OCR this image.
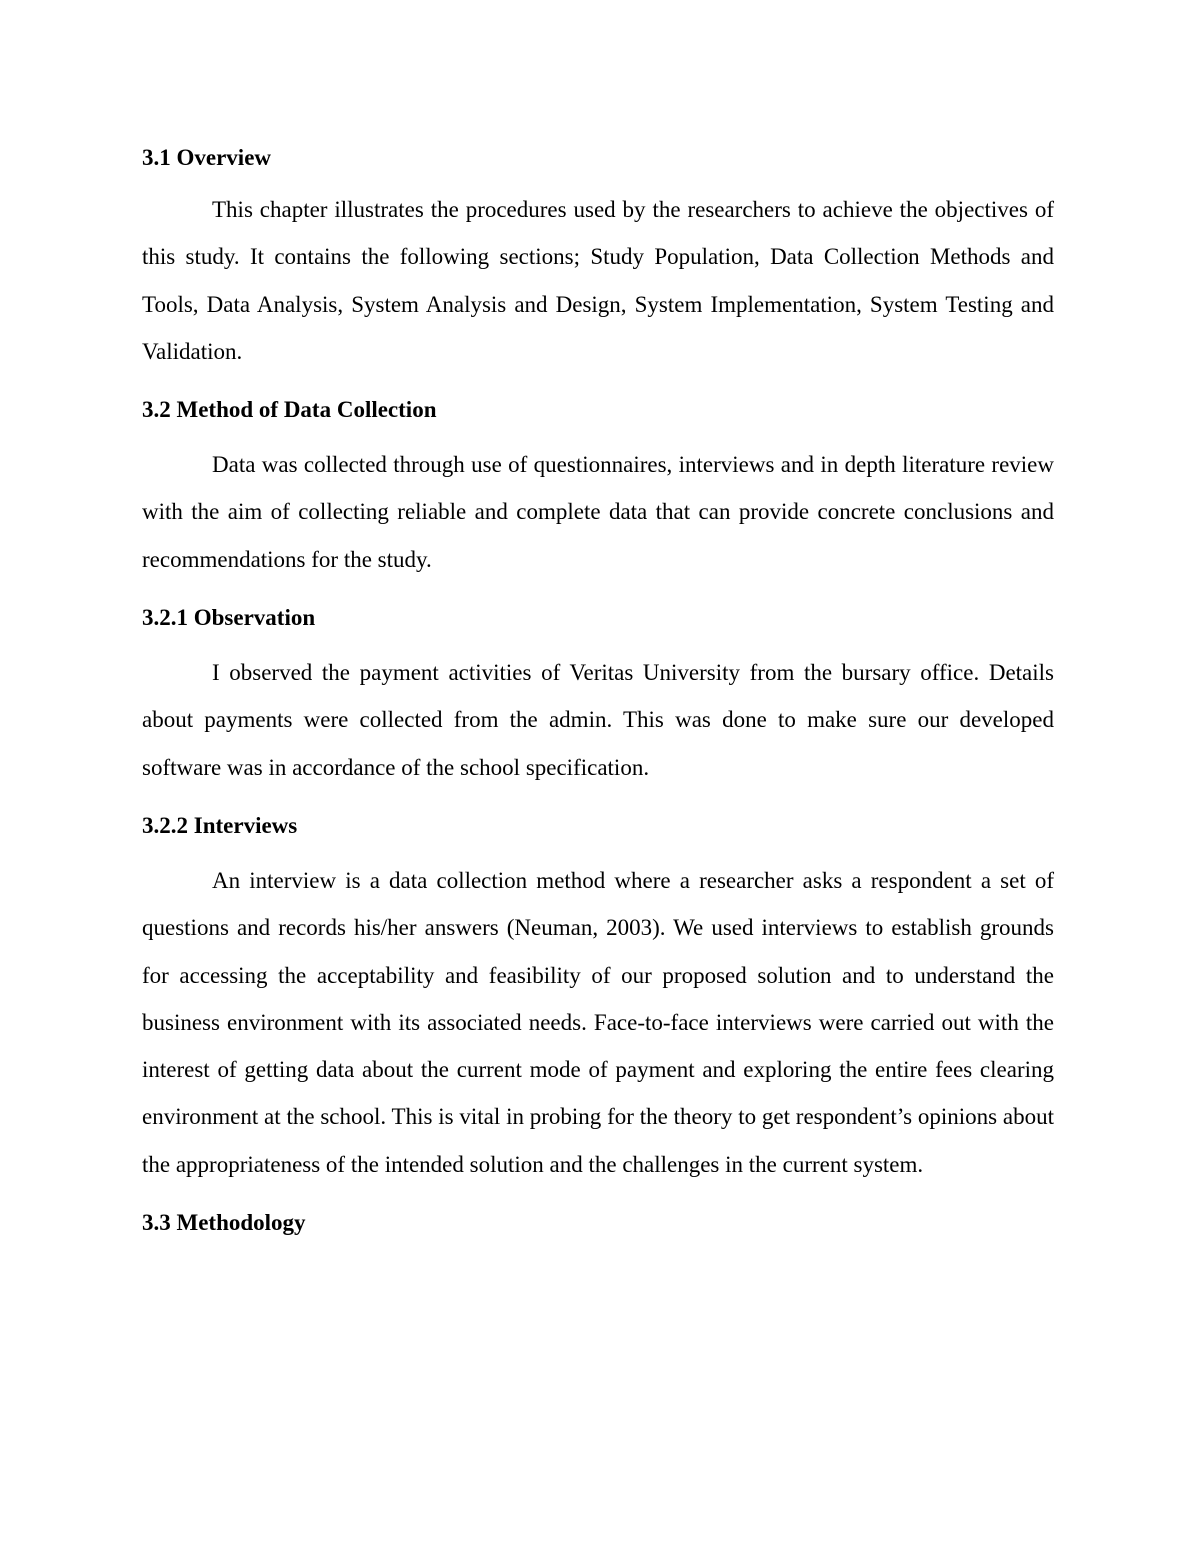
3.1 Overview

This chapter illustrates the procedures used by the researchers to achieve the objectives of this study. It contains the following sections; Study Population, Data Collection Methods and Tools, Data Analysis, System Analysis and Design, System Implementation, System Testing and Validation.

3.2 Method of Data Collection

Data was collected through use of questionnaires, interviews and in depth literature review with the aim of collecting reliable and complete data that can provide concrete conclusions and recommendations for the study.

3.2.1 Observation

I observed the payment activities of Veritas University from the bursary office. Details about payments were collected from the admin. This was done to make sure our developed software was in accordance of the school specification.

3.2.2 Interviews

An interview is a data collection method where a researcher asks a respondent a set of questions and records his/her answers (Neuman, 2003). We used interviews to establish grounds for accessing the acceptability and feasibility of our proposed solution and to understand the business environment with its associated needs. Face-to-face interviews were carried out with the interest of getting data about the current mode of payment and exploring the entire fees clearing environment at the school. This is vital in probing for the theory to get respondent’s opinions about the appropriateness of the intended solution and the challenges in the current system.

3.3 Methodology
